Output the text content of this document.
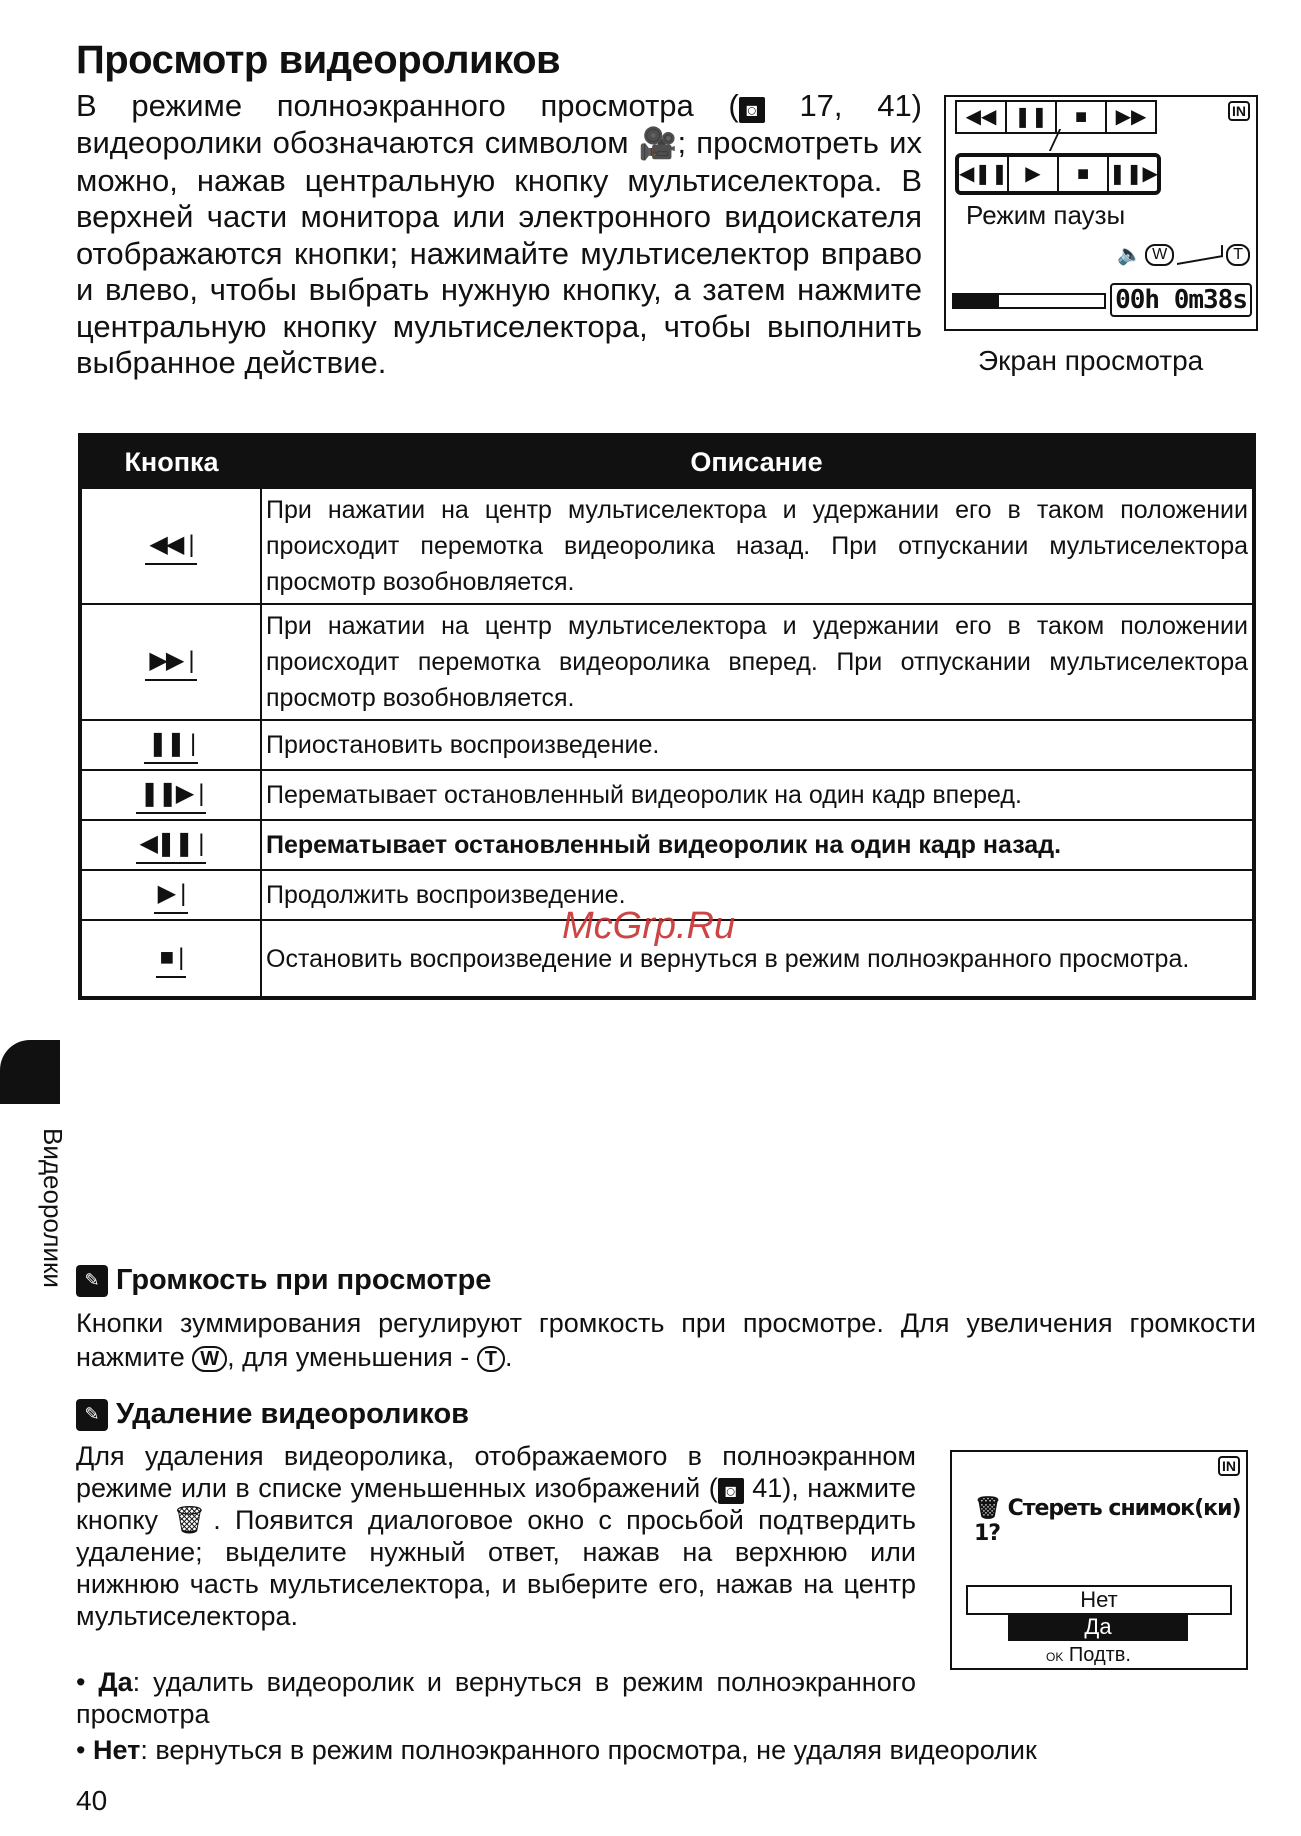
Просмотр видеороликов

В режиме полноэкранного просмотра ( ◙ 17, 41) видеоролики обозначаются символом 🎥; просмотреть их можно, нажав центральную кнопку мультиселектора. В верхней части монитора или электронного видоискателя отображаются кнопки; нажимайте мультиселектор вправо и влево, чтобы выбрать нужную кнопку, а затем нажмите центральную кнопку мультиселектора, чтобы выполнить выбранное действие.

◀◀ ❚❚	■	▶▶
◀❚❚ ▶	■ ❚❚▶
IN
Режим паузы
🔈 W	T
00h 0m38s
Экран просмотра
Кнопка	Описание
◀◀ |	При нажатии на центр мультиселектора и удержании его в таком положении происходит перемотка видеоролика назад. При отпускании мультиселектора просмотр возобновляется.
▶▶ |	При нажатии на центр мультиселектора и удержании его в таком положении происходит перемотка видеоролика вперед. При отпускании мультиселектора просмотр возобновляется.
❚❚ |	Приостановить воспроизведение.
❚❚▶ |	Перематывает остановленный видеоролик на один кадр вперед.
◀❚❚ |	Перематывает остановленный видеоролик на один кадр назад.
▶ |	Продолжить воспроизведение.
■ |	Остановить воспроизведение и вернуться в режим полноэкранного просмотра.
McGrp.Ru
Видеоролики ✎ Громкость при просмотре

Кнопки зуммирования регулируют громкость при просмотре. Для увеличения громкости нажмите W , для уменьшения - T .

✎ Удаление видеороликов

Для удаления видеоролика, отображаемого в полноэкранном режиме или в списке уменьшенных изображений ( ◙ 41), нажмите кнопку 🗑. Появится диалоговое окно с просьбой подтвердить удаление; выделите нужный ответ, нажав на верхнюю или нижнюю часть мультиселектора, и выберите его, нажав на центр мультиселектора.

IN
🗑 Стереть снимок(ки) 1?
Нет
Да
OK Подтв.

• Да: удалить видеоролик и вернуться в режим полноэкранного просмотра

• Нет: вернуться в режим полноэкранного просмотра, не удаляя видеоролик

40
